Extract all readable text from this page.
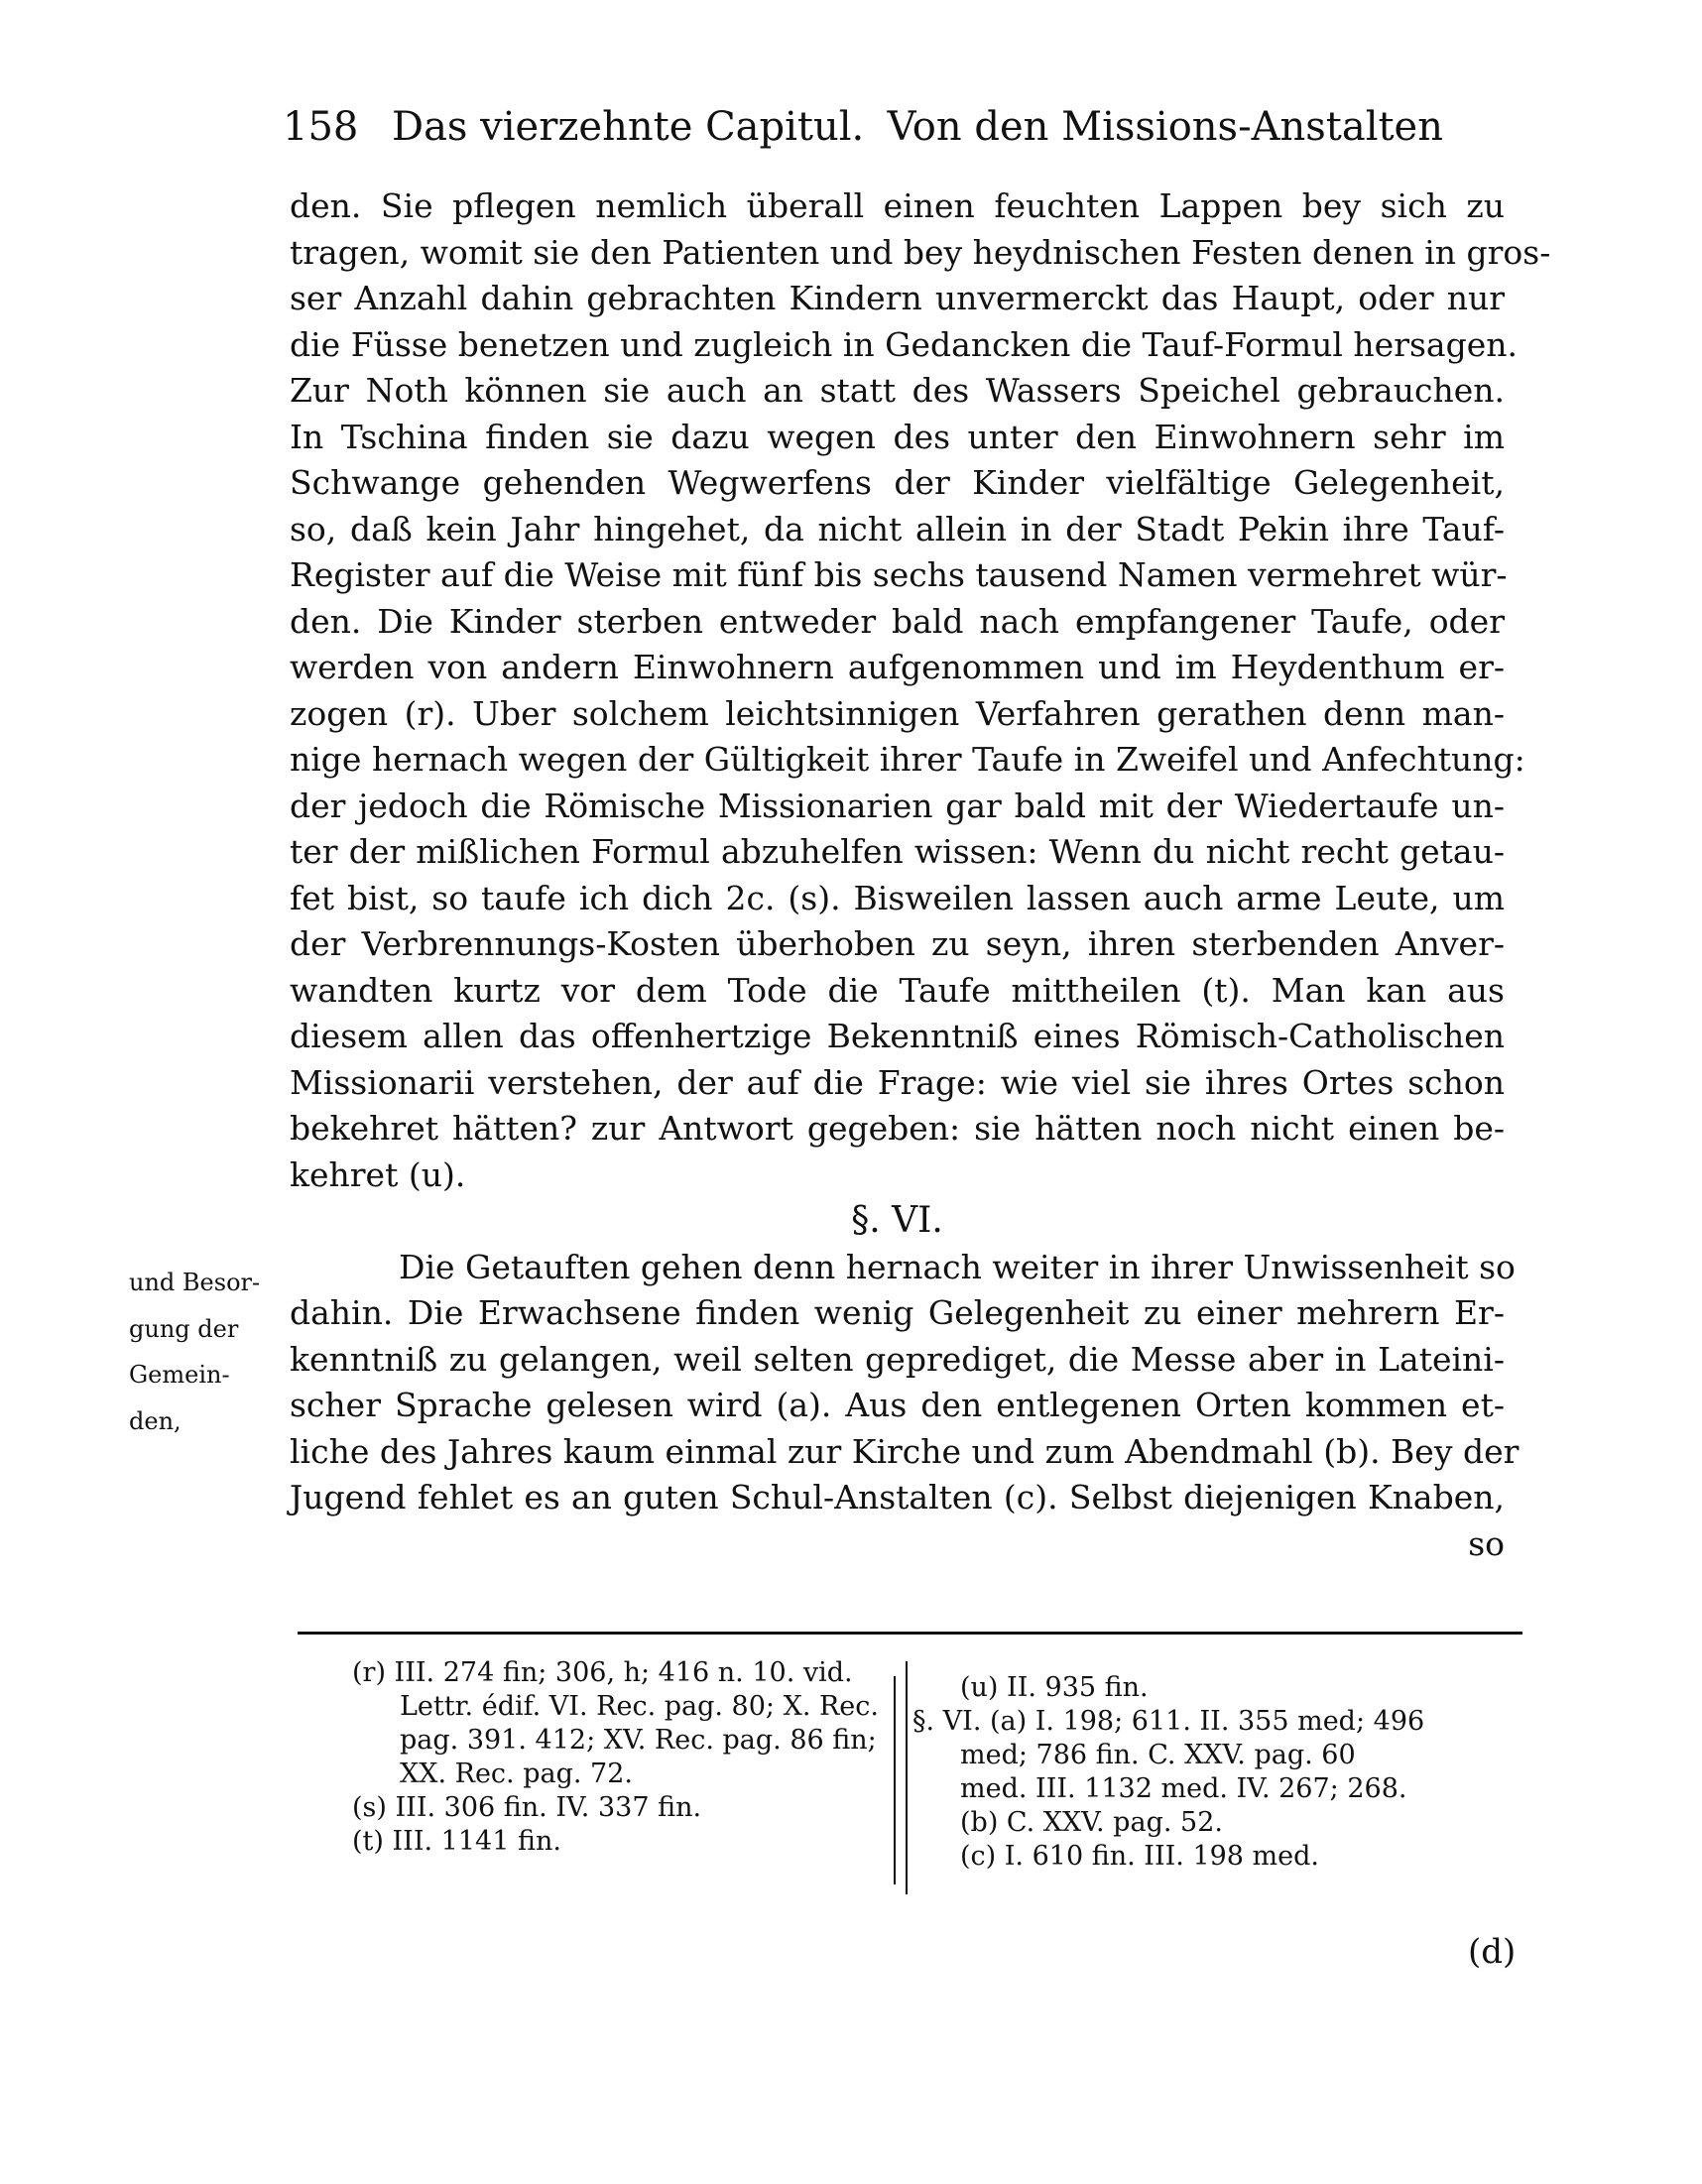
158 Das vierzehnte Capitul. Von den Missions-Anstalten
den. Sie pflegen nemlich überall einen feuchten Lappen bey sich zu
tragen, womit sie den Patienten und bey heydnischen Festen denen in gros-
ser Anzahl dahin gebrachten Kindern unvermerckt das Haupt, oder nur
die Füsse benetzen und zugleich in Gedancken die Tauf-Formul hersagen.
Zur Noth können sie auch an statt des Wassers Speichel gebrauchen.
In Tschina finden sie dazu wegen des unter den Einwohnern sehr im
Schwange gehenden Wegwerfens der Kinder vielfältige Gelegenheit,
so, daß kein Jahr hingehet, da nicht allein in der Stadt Pekin ihre Tauf-
Register auf die Weise mit fünf bis sechs tausend Namen vermehret wür-
den. Die Kinder sterben entweder bald nach empfangener Taufe, oder
werden von andern Einwohnern aufgenommen und im Heydenthum er-
zogen (r). Uber solchem leichtsinnigen Verfahren gerathen denn man-
nige hernach wegen der Gültigkeit ihrer Taufe in Zweifel und Anfechtung:
der jedoch die Römische Missionarien gar bald mit der Wiedertaufe un-
ter der mißlichen Formul abzuhelfen wissen: Wenn du nicht recht getau-
fet bist, so taufe ich dich 2c. (s). Bisweilen lassen auch arme Leute, um
der Verbrennungs-Kosten überhoben zu seyn, ihren sterbenden Anver-
wandten kurtz vor dem Tode die Taufe mittheilen (t). Man kan aus
diesem allen das offenhertzige Bekenntniß eines Römisch-Catholischen
Missionarii verstehen, der auf die Frage: wie viel sie ihres Ortes schon
bekehret hätten? zur Antwort gegeben: sie hätten noch nicht einen be-
kehret (u).
§. VI.
Die Getauften gehen denn hernach weiter in ihrer Unwissenheit so
dahin. Die Erwachsene finden wenig Gelegenheit zu einer mehrern Er-
kenntniß zu gelangen, weil selten geprediget, die Messe aber in Lateini-
scher Sprache gelesen wird (a). Aus den entlegenen Orten kommen et-
liche des Jahres kaum einmal zur Kirche und zum Abendmahl (b). Bey der
Jugend fehlet es an guten Schul-Anstalten (c). Selbst diejenigen Knaben,
so
und Besor-
gung der
Gemein-
den,
(r) III. 274 fin; 306, h; 416 n. 10. vid.
Lettr. édif. VI. Rec. pag. 80; X. Rec.
pag. 391. 412; XV. Rec. pag. 86 fin;
XX. Rec. pag. 72.
(s) III. 306 fin. IV. 337 fin.
(t) III. 1141 fin.
(u) II. 935 fin.
§. VI. (a) I. 198; 611. II. 355 med; 496
med; 786 fin. C. XXV. pag. 60
med. III. 1132 med. IV. 267; 268.
(b) C. XXV. pag. 52.
(c) I. 610 fin. III. 198 med.
(d)
